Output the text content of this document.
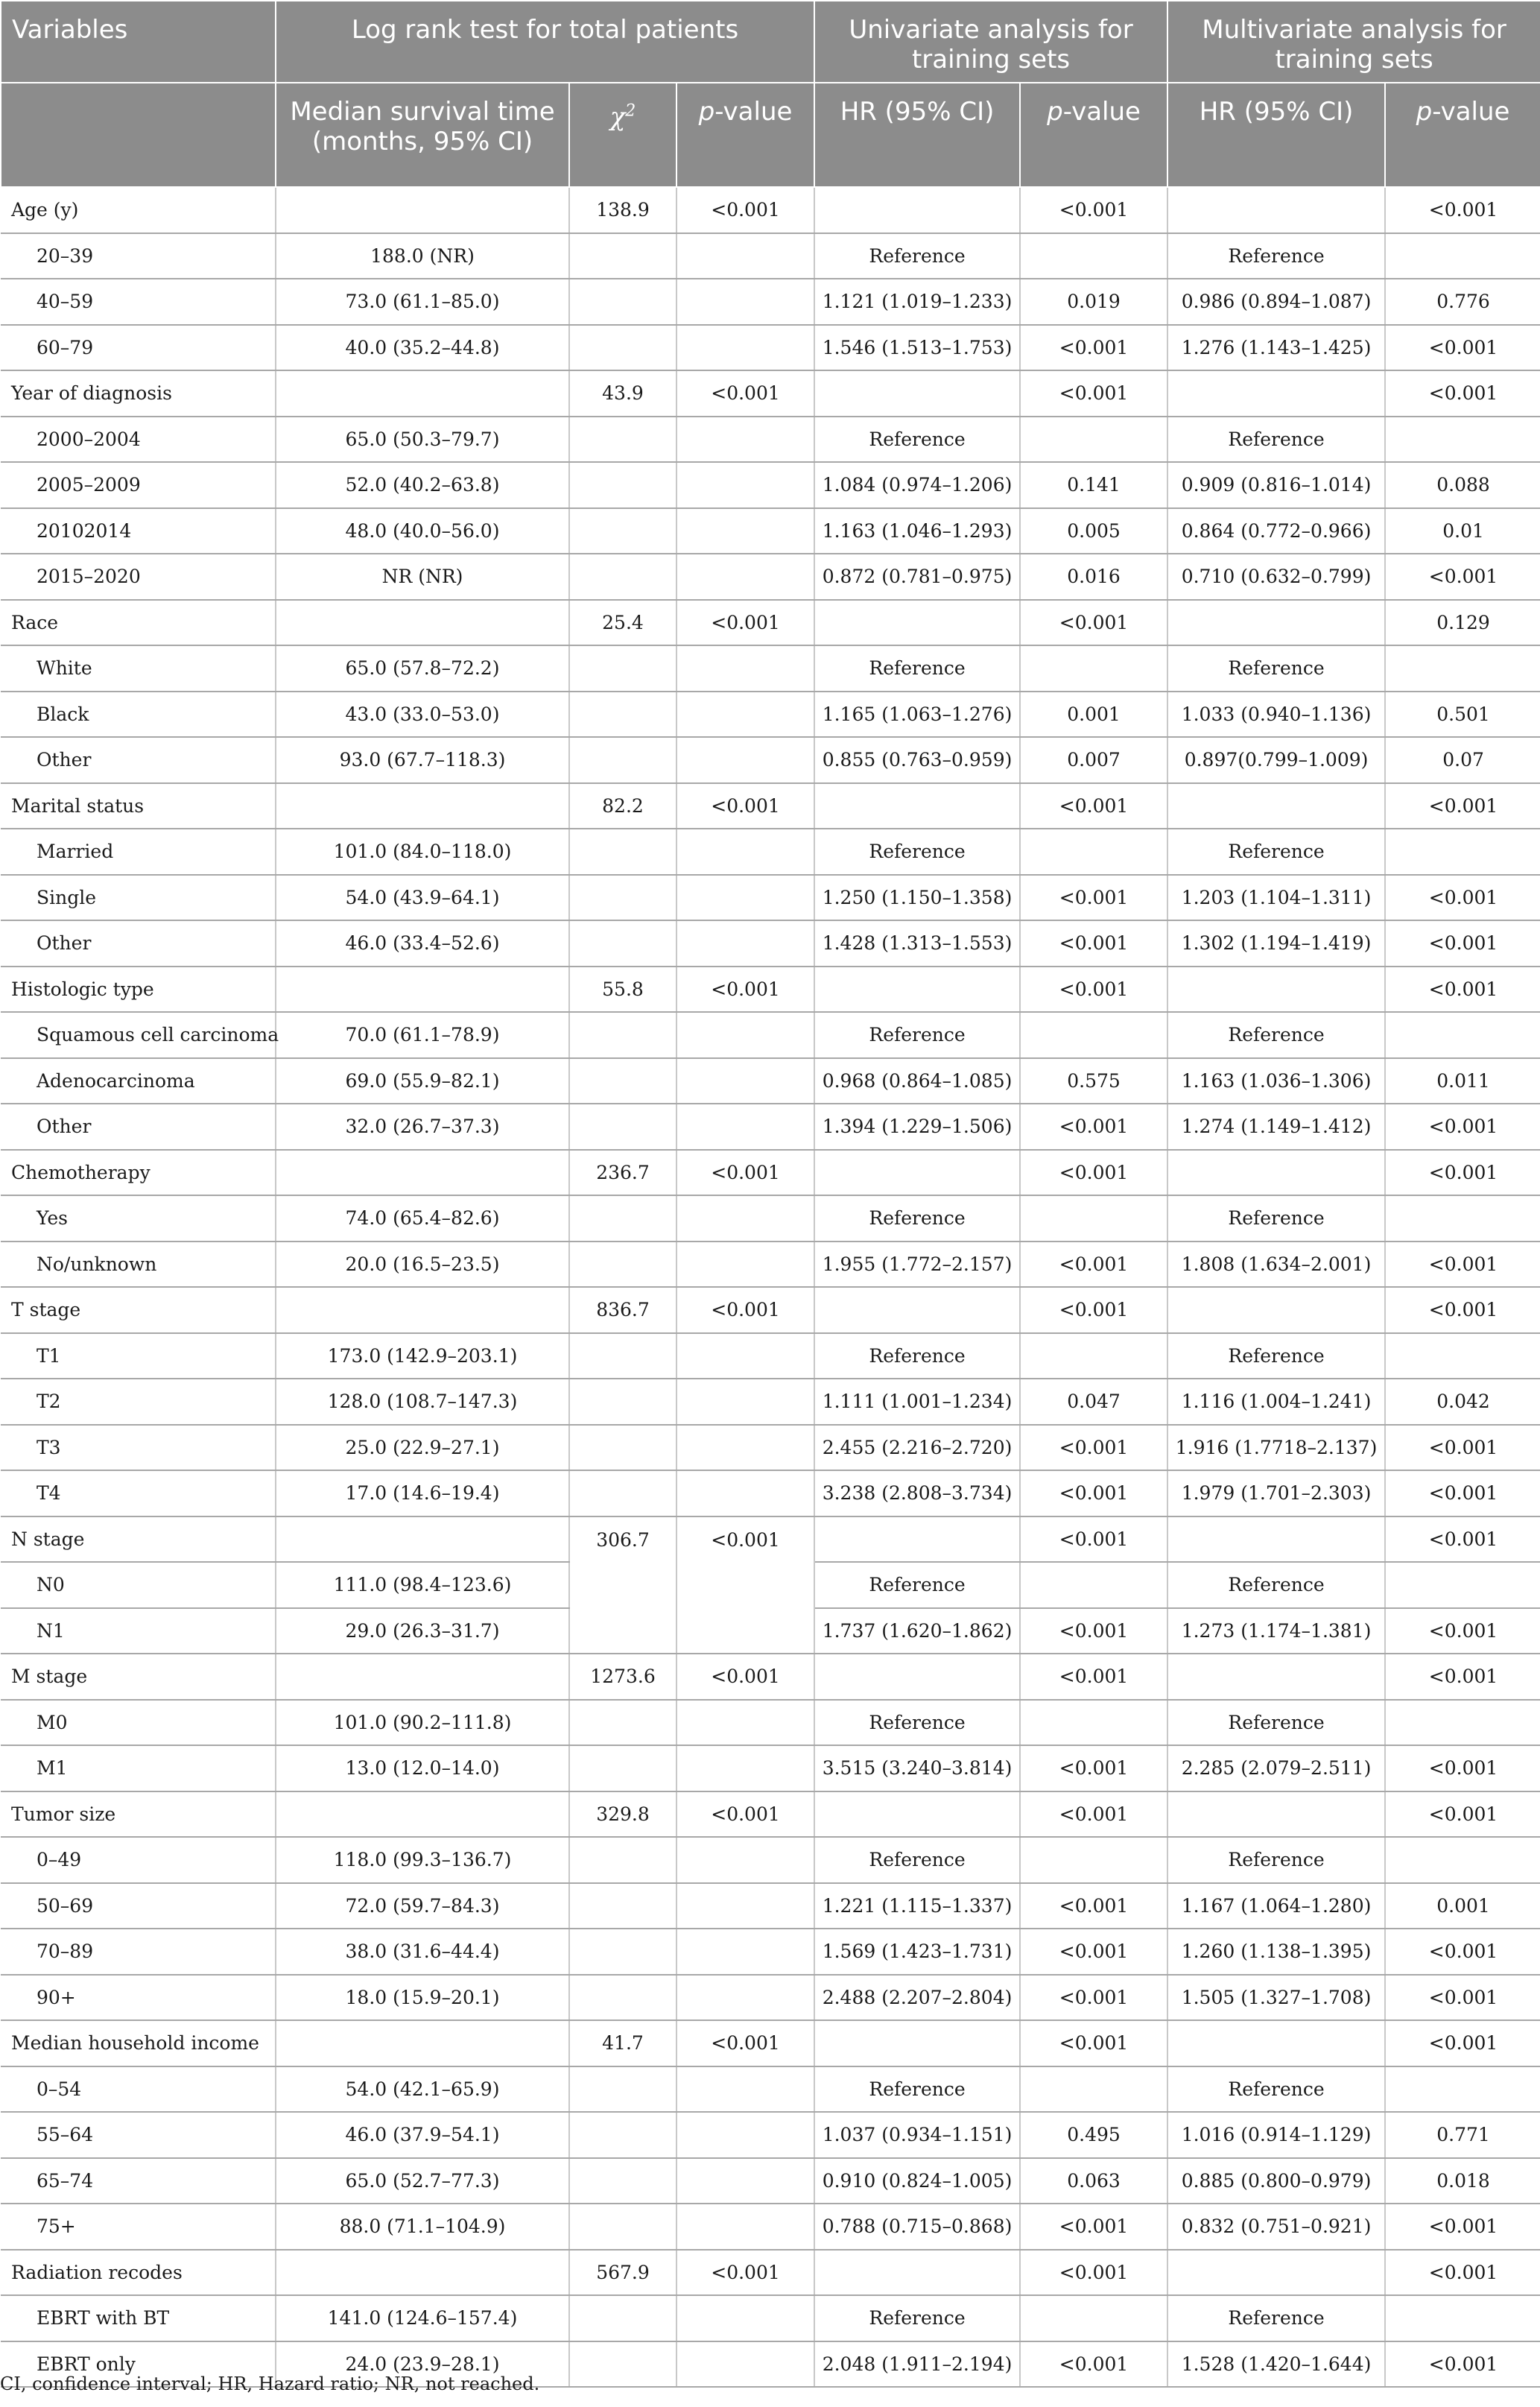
Variables	Log rank test for total patients			Univariate analysis for training sets		Multivariate analysis for training sets	
	Median survival time (months, 95% CI)	$\chi^2$	p-value	HR (95% CI)	p-value	HR (95% CI)	p-value
Age (y)		138.9	<0.001		<0.001		<0.001
20–39	188.0 (NR)			Reference		Reference	
40–59	73.0 (61.1–85.0)			1.121 (1.019–1.233)	0.019	0.986 (0.894–1.087)	0.776
60–79	40.0 (35.2–44.8)			1.546 (1.513–1.753)	<0.001	1.276 (1.143–1.425)	<0.001
Year of diagnosis		43.9	<0.001		<0.001		<0.001
2000–2004	65.0 (50.3–79.7)			Reference		Reference	
2005–2009	52.0 (40.2–63.8)			1.084 (0.974–1.206)	0.141	0.909 (0.816–1.014)	0.088
20102014	48.0 (40.0–56.0)			1.163 (1.046–1.293)	0.005	0.864 (0.772–0.966)	0.01
2015–2020	NR (NR)			0.872 (0.781–0.975)	0.016	0.710 (0.632–0.799)	<0.001
Race		25.4	<0.001		<0.001		0.129
White	65.0 (57.8–72.2)			Reference		Reference	
Black	43.0 (33.0–53.0)			1.165 (1.063–1.276)	0.001	1.033 (0.940–1.136)	0.501
Other	93.0 (67.7–118.3)			0.855 (0.763–0.959)	0.007	0.897(0.799–1.009)	0.07
Marital status		82.2	<0.001		<0.001		<0.001
Married	101.0 (84.0–118.0)			Reference		Reference	
Single	54.0 (43.9–64.1)			1.250 (1.150–1.358)	<0.001	1.203 (1.104–1.311)	<0.001
Other	46.0 (33.4–52.6)			1.428 (1.313–1.553)	<0.001	1.302 (1.194–1.419)	<0.001
Histologic type		55.8	<0.001		<0.001		<0.001
Squamous cell carcinoma	70.0 (61.1–78.9)			Reference		Reference	
Adenocarcinoma	69.0 (55.9–82.1)			0.968 (0.864–1.085)	0.575	1.163 (1.036–1.306)	0.011
Other	32.0 (26.7–37.3)			1.394 (1.229–1.506)	<0.001	1.274 (1.149–1.412)	<0.001
Chemotherapy		236.7	<0.001		<0.001		<0.001
Yes	74.0 (65.4–82.6)			Reference		Reference	
No/unknown	20.0 (16.5–23.5)			1.955 (1.772–2.157)	<0.001	1.808 (1.634–2.001)	<0.001
T stage		836.7	<0.001		<0.001		<0.001
T1	173.0 (142.9–203.1)			Reference		Reference	
T2	128.0 (108.7–147.3)			1.111 (1.001–1.234)	0.047	1.116 (1.004–1.241)	0.042
T3	25.0 (22.9–27.1)			2.455 (2.216–2.720)	<0.001	1.916 (1.7718–2.137)	<0.001
T4	17.0 (14.6–19.4)			3.238 (2.808–3.734)	<0.001	1.979 (1.701–2.303)	<0.001
N stage		306.7	<0.001		<0.001		<0.001
N0	111.0 (98.4–123.6)			Reference		Reference	
N1	29.0 (26.3–31.7)			1.737 (1.620–1.862)	<0.001	1.273 (1.174–1.381)	<0.001
M stage		1273.6	<0.001		<0.001		<0.001
M0	101.0 (90.2–111.8)			Reference		Reference	
M1	13.0 (12.0–14.0)			3.515 (3.240–3.814)	<0.001	2.285 (2.079–2.511)	<0.001
Tumor size		329.8	<0.001		<0.001		<0.001
0–49	118.0 (99.3–136.7)			Reference		Reference	
50–69	72.0 (59.7–84.3)			1.221 (1.115–1.337)	<0.001	1.167 (1.064–1.280)	0.001
70–89	38.0 (31.6–44.4)			1.569 (1.423–1.731)	<0.001	1.260 (1.138–1.395)	<0.001
90+	18.0 (15.9–20.1)			2.488 (2.207–2.804)	<0.001	1.505 (1.327–1.708)	<0.001
Median household income		41.7	<0.001		<0.001		<0.001
0–54	54.0 (42.1–65.9)			Reference		Reference	
55–64	46.0 (37.9–54.1)			1.037 (0.934–1.151)	0.495	1.016 (0.914–1.129)	0.771
65–74	65.0 (52.7–77.3)			0.910 (0.824–1.005)	0.063	0.885 (0.800–0.979)	0.018
75+	88.0 (71.1–104.9)			0.788 (0.715–0.868)	<0.001	0.832 (0.751–0.921)	<0.001
Radiation recodes		567.9	<0.001		<0.001		<0.001
EBRT with BT	141.0 (124.6–157.4)			Reference		Reference	
EBRT only	24.0 (23.9–28.1)			2.048 (1.911–2.194)	<0.001	1.528 (1.420–1.644)	<0.001
CI, confidence interval; HR, Hazard ratio; NR, not reached.
